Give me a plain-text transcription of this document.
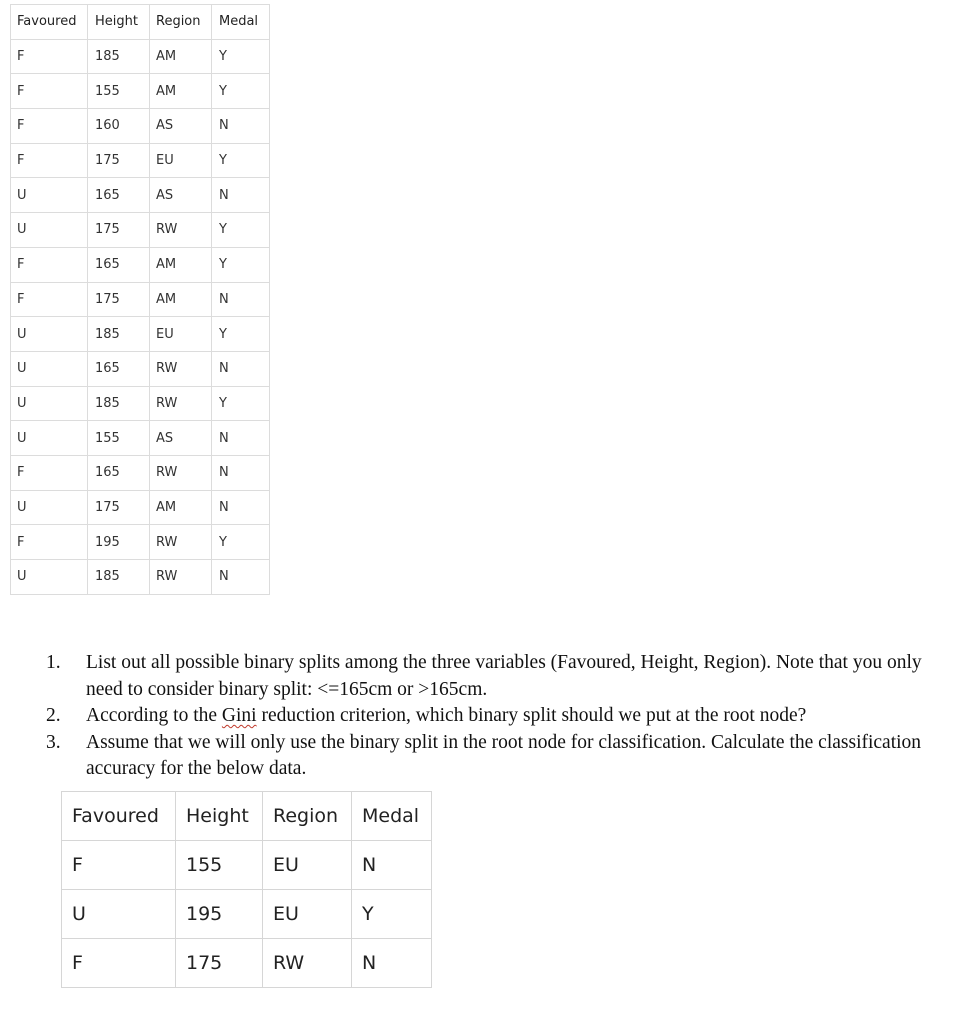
Favoured	Height	Region	Medal
F	185	AM	Y
F	155	AM	Y
F	160	AS	N
F	175	EU	Y
U	165	AS	N
U	175	RW	Y
F	165	AM	Y
F	175	AM	N
U	185	EU	Y
U	165	RW	N
U	185	RW	Y
U	155	AS	N
F	165	RW	N
U	175	AM	N
F	195	RW	Y
U	185	RW	N
1. List out all possible binary splits among the three variables (Favoured, Height, Region). Note that you only need to consider binary split: <=165cm or >165cm.
2. According to the Gini reduction criterion, which binary split should we put at the root node?
3. Assume that we will only use the binary split in the root node for classification. Calculate the classification accuracy for the below data.
Favoured	Height	Region	Medal
F	155	EU	N
U	195	EU	Y
F	175	RW	N
